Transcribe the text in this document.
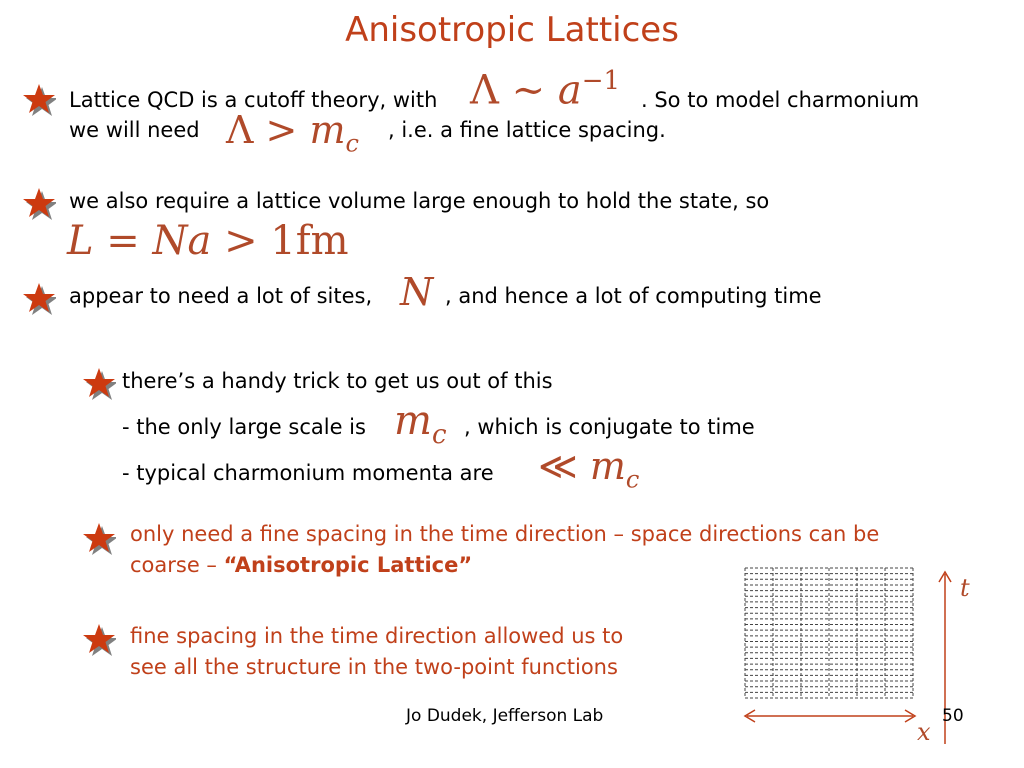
Anisotropic Lattices
Lattice QCD is a cutoff theory, with Λ ∼ $a^{-1}$
. So to model charmonium
we will need $\Lambda > m_c$ , i.e. a fine lattice spacing.
we also require a lattice volume large enough to hold the state, so
L = Na > 1fm
appear to need a lot of sites, N , and hence a lot of computing time
there’s a handy trick to get us out of this
- the only large scale is $m_c$ , which is conjugate to time
- typical charmonium momenta are ≪ $m_c$
only need a fine spacing in the time direction – space directions can be
coarse – “Anisotropic Lattice”
fine spacing in the time direction allowed us to
see all the structure in the two-point functions
t
x
Jo Dudek, Jefferson Lab	50
